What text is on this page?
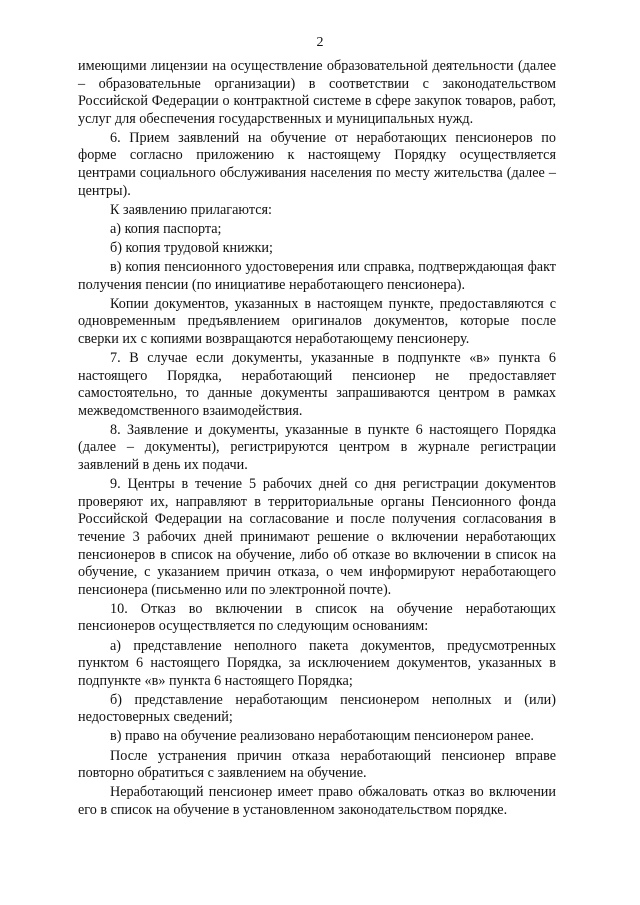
2

имеющими лицензии на осуществление образовательной деятельности (далее – образовательные организации) в соответствии с законодательством Российской Федерации о контрактной системе в сфере закупок товаров, работ, услуг для обеспечения государственных и муниципальных нужд.

6. Прием заявлений на обучение от неработающих пенсионеров по форме согласно приложению к настоящему Порядку осуществляется центрами социального обслуживания населения по месту жительства (далее – центры).

К заявлению прилагаются:

а) копия паспорта;

б) копия трудовой книжки;

в) копия пенсионного удостоверения или справка, подтверждающая факт получения пенсии (по инициативе неработающего пенсионера).

Копии документов, указанных в настоящем пункте, предоставляются с одновременным предъявлением оригиналов документов, которые после сверки их с копиями возвращаются неработающему пенсионеру.

7. В случае если документы, указанные в подпункте «в» пункта 6 настоящего Порядка, неработающий пенсионер не предоставляет самостоятельно, то данные документы запрашиваются центром в рамках межведомственного взаимодействия.

8. Заявление и документы, указанные в пункте 6 настоящего Порядка (далее – документы), регистрируются центром в журнале регистрации заявлений в день их подачи.

9. Центры в течение 5 рабочих дней со дня регистрации документов проверяют их, направляют в территориальные органы Пенсионного фонда Российской Федерации на согласование и после получения согласования в течение 3 рабочих дней принимают решение о включении неработающих пенсионеров в список на обучение, либо об отказе во включении в список на обучение, с указанием причин отказа, о чем информируют неработающего пенсионера (письменно или по электронной почте).

10. Отказ во включении в список на обучение неработающих пенсионеров осуществляется по следующим основаниям:

а) представление неполного пакета документов, предусмотренных пунктом 6 настоящего Порядка, за исключением документов, указанных в подпункте «в» пункта 6 настоящего Порядка;

б) представление неработающим пенсионером неполных и (или) недостоверных сведений;

в) право на обучение реализовано неработающим пенсионером ранее.

После устранения причин отказа неработающий пенсионер вправе повторно обратиться с заявлением на обучение.

Неработающий пенсионер имеет право обжаловать отказ во включении его в список на обучение в установленном законодательством порядке.
